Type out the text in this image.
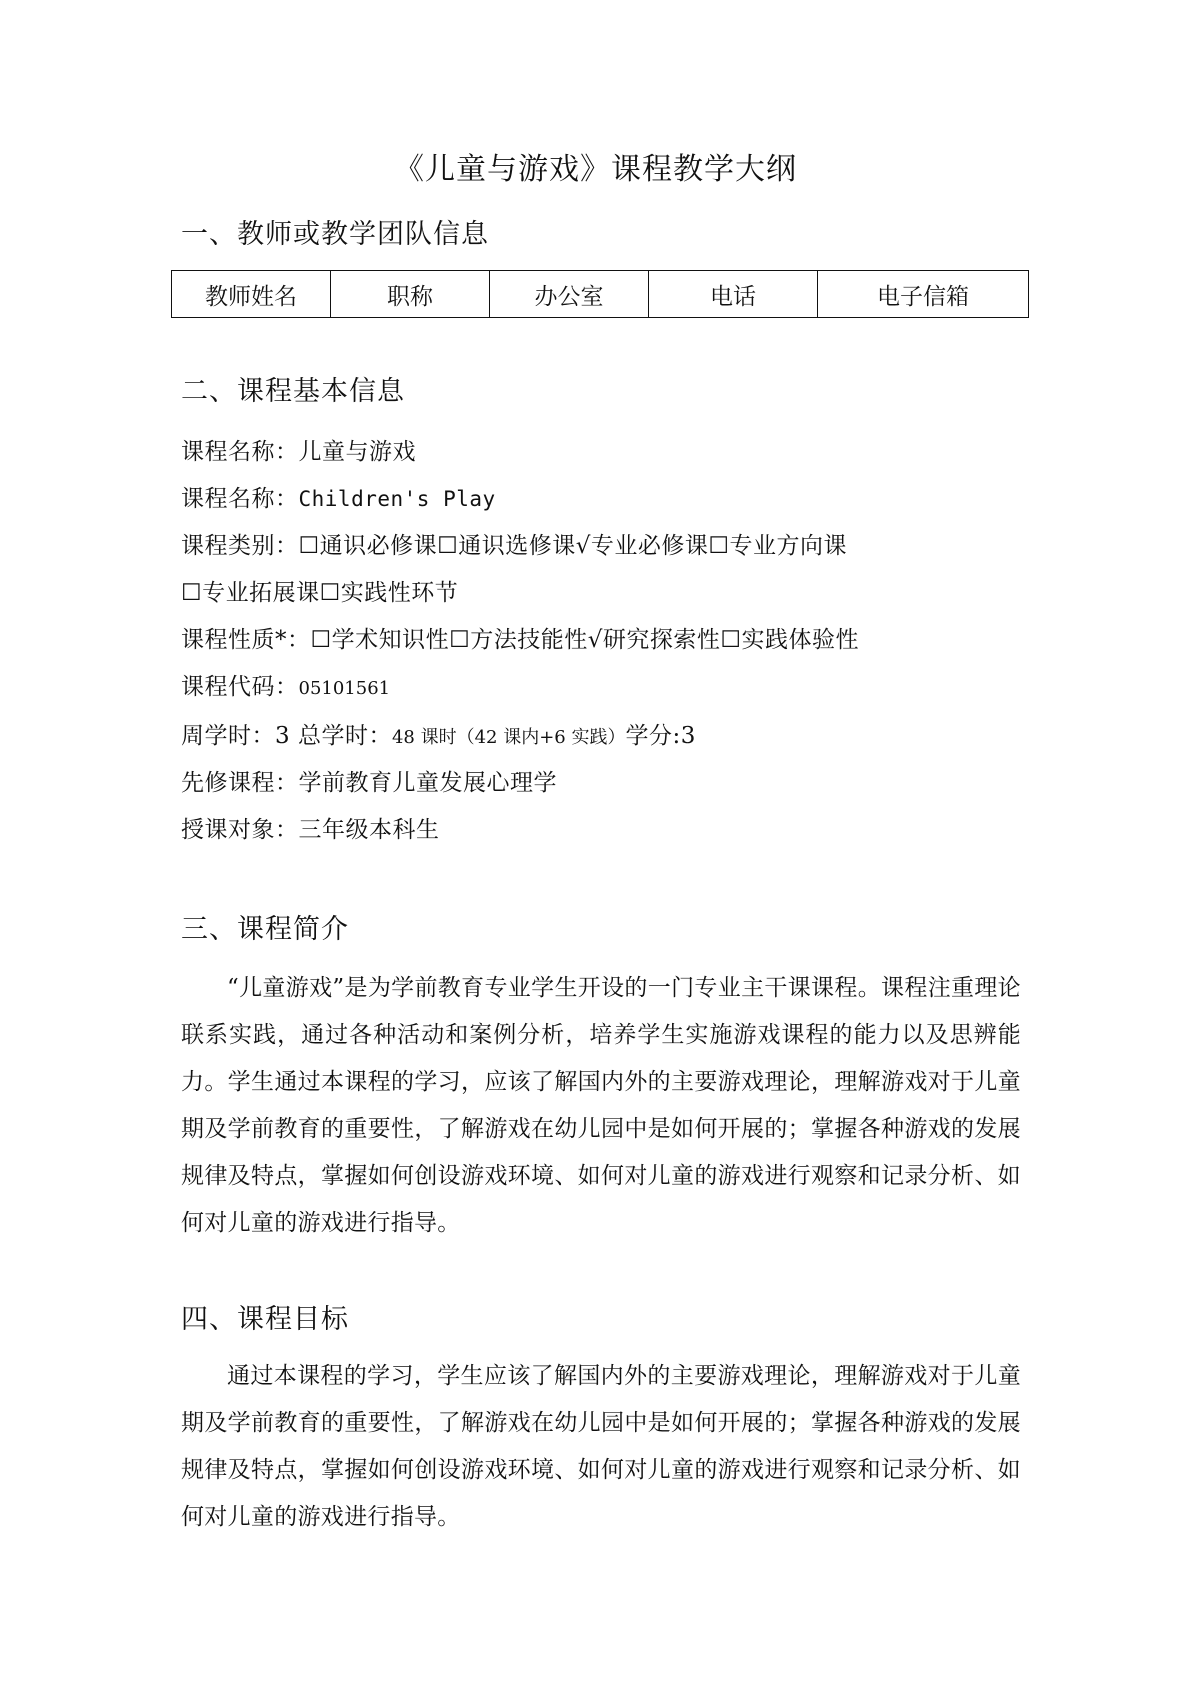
《儿童与游戏》课程教学大纲
一、教师或教学团队信息
教师姓名	职称	办公室	电话	电子信箱
二、课程基本信息
课程名称：儿童与游戏
课程名称：Children's Play
课程类别：☐通识必修课☐通识选修课√专业必修课☐专业方向课
☐专业拓展课☐实践性环节
课程性质*：☐学术知识性☐方法技能性√研究探索性☐实践体验性
课程代码：05101561
周学时：3 总学时：48 课时（42 课内+6 实践）学分:3
先修课程：学前教育儿童发展心理学
授课对象：三年级本科生
三、课程简介

“儿童游戏”是为学前教育专业学生开设的一门专业主干课课程。课程注重理论联系实践，通过各种活动和案例分析，培养学生实施游戏课程的能力以及思辨能力。学生通过本课程的学习，应该了解国内外的主要游戏理论，理解游戏对于儿童期及学前教育的重要性，了解游戏在幼儿园中是如何开展的；掌握各种游戏的发展规律及特点，掌握如何创设游戏环境、如何对儿童的游戏进行观察和记录分析、如何对儿童的游戏进行指导。

四、课程目标

通过本课程的学习，学生应该了解国内外的主要游戏理论，理解游戏对于儿童期及学前教育的重要性，了解游戏在幼儿园中是如何开展的；掌握各种游戏的发展规律及特点，掌握如何创设游戏环境、如何对儿童的游戏进行观察和记录分析、如何对儿童的游戏进行指导。
